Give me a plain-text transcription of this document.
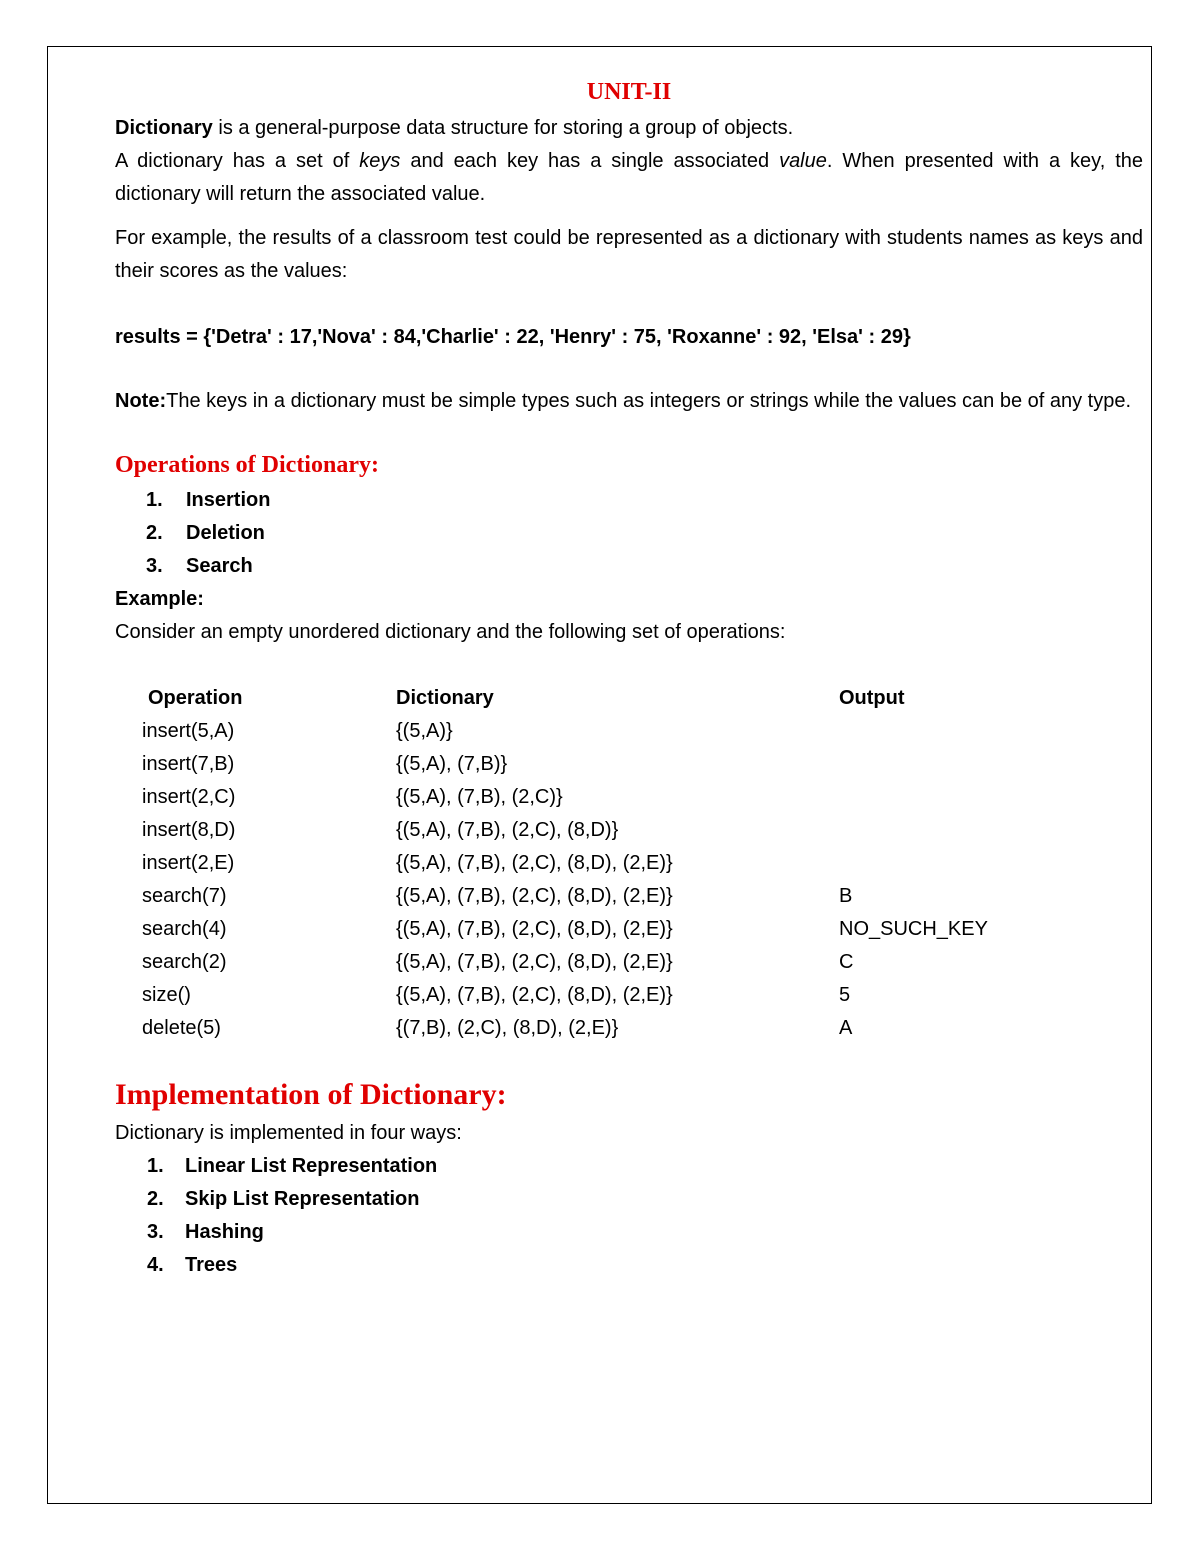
UNIT-II

Dictionary is a general-purpose data structure for storing a group of objects.

A dictionary has a set of keys and each key has a single associated value. When presented with a key, the dictionary will return the associated value.

For example, the results of a classroom test could be represented as a dictionary with students names as keys and their scores as the values:

results = {'Detra' : 17,'Nova' : 84,'Charlie' : 22, 'Henry' : 75, 'Roxanne' : 92, 'Elsa' : 29}

Note:The keys in a dictionary must be simple types such as integers or strings while the values can be of any type.

Operations of Dictionary:
1. Insertion
2. Deletion
3. Search

Example:

Consider an empty unordered dictionary and the following set of operations:

Operation	Dictionary	Output
insert(5,A)	{(5,A)}
insert(7,B)	{(5,A), (7,B)}
insert(2,C)	{(5,A), (7,B), (2,C)}
insert(8,D)	{(5,A), (7,B), (2,C), (8,D)}
insert(2,E)	{(5,A), (7,B), (2,C), (8,D), (2,E)}
search(7)	{(5,A), (7,B), (2,C), (8,D), (2,E)}	B
search(4)	{(5,A), (7,B), (2,C), (8,D), (2,E)}	NO_SUCH_KEY
search(2)	{(5,A), (7,B), (2,C), (8,D), (2,E)}	C
size()	{(5,A), (7,B), (2,C), (8,D), (2,E)}	5
delete(5)	{(7,B), (2,C), (8,D), (2,E)}	A
Implementation of Dictionary:

Dictionary is implemented in four ways:

1. Linear List Representation
2. Skip List Representation
3. Hashing
4. Trees
